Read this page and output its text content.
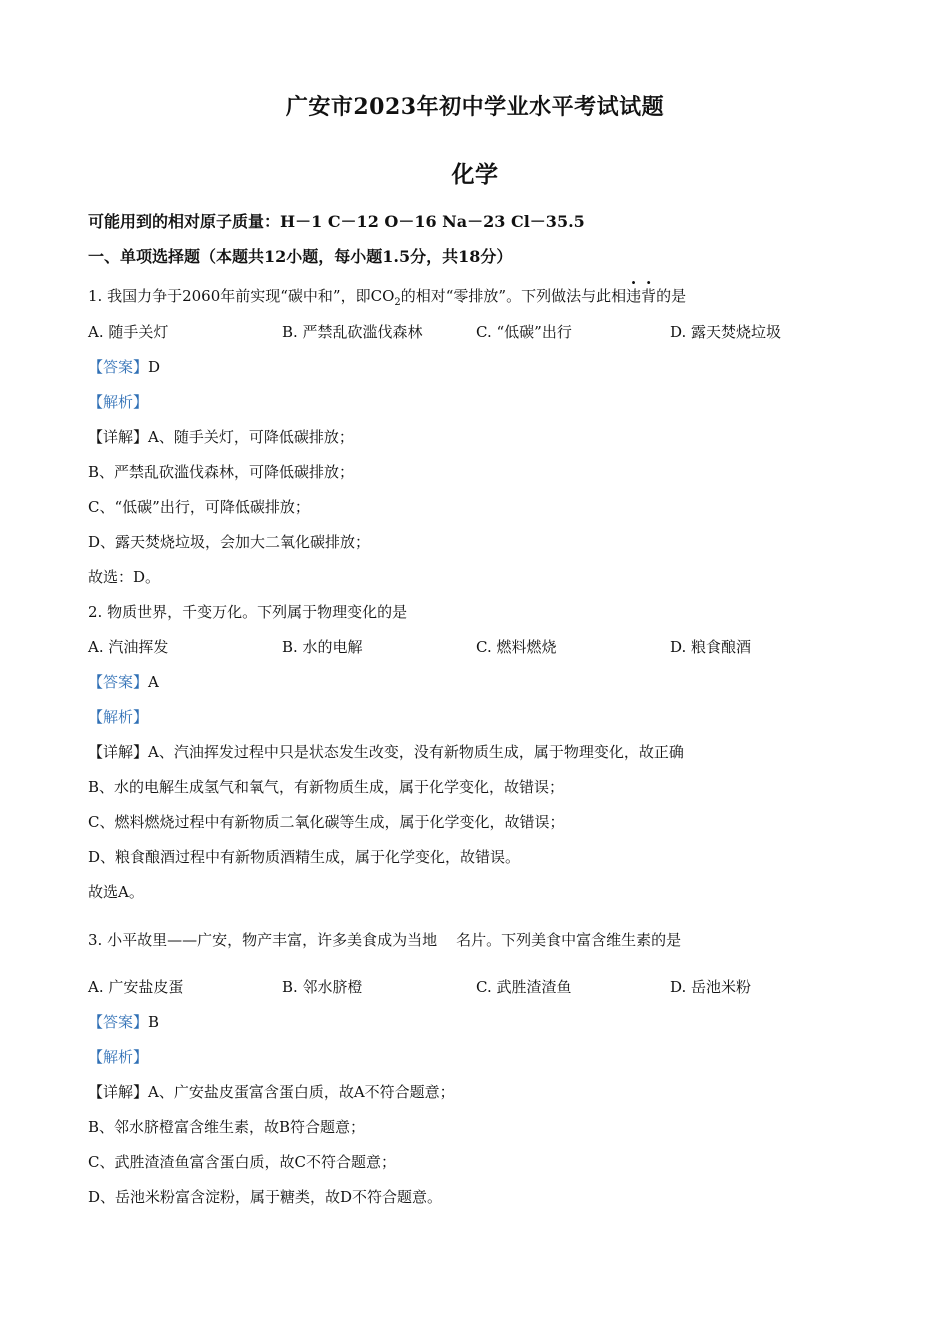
广安市2023年初中学业水平考试试题
化学
可能用到的相对原子质量：H－1 C－12 O－16 Na－23 Cl－35.5
一、单项选择题（本题共12小题，每小题1.5分，共18分）
1. 我国力争于2060年前实现“碳中和”，即$CO_2$的相对“零排放”。下列做法与此相违背的是
A. 随手关灯	B. 严禁乱砍滥伐森林	C. “低碳”出行	D. 露天焚烧垃圾
【答案】D
【解析】
【详解】A、随手关灯，可降低碳排放；
B、严禁乱砍滥伐森林，可降低碳排放；
C、“低碳”出行，可降低碳排放；
D、露天焚烧垃圾，会加大二氧化碳排放；
故选：D。
2. 物质世界，千变万化。下列属于物理变化的是
A. 汽油挥发	B. 水的电解	C. 燃料燃烧	D. 粮食酿酒
【答案】A
【解析】
【详解】A、汽油挥发过程中只是状态发生改变，没有新物质生成，属于物理变化，故正确
B、水的电解生成氢气和氧气，有新物质生成，属于化学变化，故错误；
C、燃料燃烧过程中有新物质二氧化碳等生成，属于化学变化，故错误；
D、粮食酿酒过程中有新物质酒精生成，属于化学变化，故错误。
故选A。
3. 小平故里——广安，物产丰富，许多美食成为当地    名片。下列美食中富含维生素的是
A. 广安盐皮蛋	B. 邻水脐橙	C. 武胜渣渣鱼	D. 岳池米粉
【答案】B
【解析】
【详解】A、广安盐皮蛋富含蛋白质，故A不符合题意；
B、邻水脐橙富含维生素，故B符合题意；
C、武胜渣渣鱼富含蛋白质，故C不符合题意；
D、岳池米粉富含淀粉，属于糖类，故D不符合题意。
